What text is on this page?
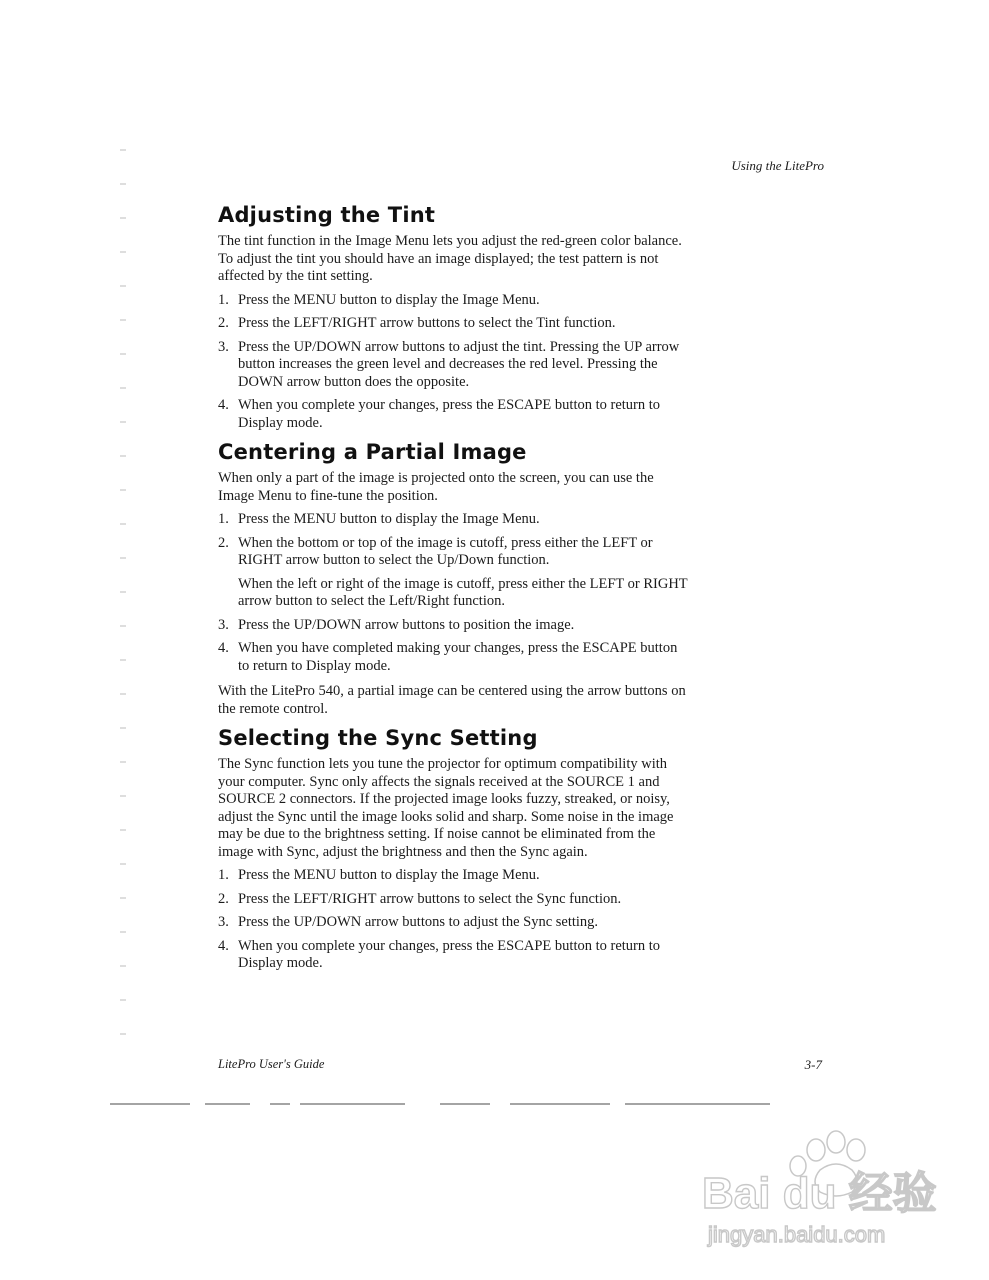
Using the LitePro
Adjusting the Tint

The tint function in the Image Menu lets you adjust the red-green color balance. To adjust the tint you should have an image displayed; the test pattern is not affected by the tint setting.

1. Press the MENU button to display the Image Menu.
2. Press the LEFT/RIGHT arrow buttons to select the Tint function.
3. Press the UP/DOWN arrow buttons to adjust the tint. Pressing the UP arrow button increases the green level and decreases the red level. Pressing the DOWN arrow button does the opposite.
4. When you complete your changes, press the ESCAPE button to return to Display mode.
Centering a Partial Image

When only a part of the image is projected onto the screen, you can use the Image Menu to fine-tune the position.

1. Press the MENU button to display the Image Menu.
2. When the bottom or top of the image is cutoff, press either the LEFT or RIGHT arrow button to select the Up/Down function.

When the left or right of the image is cutoff, press either the LEFT or RIGHT arrow button to select the Left/Right function.

3. Press the UP/DOWN arrow buttons to position the image.
4. When you have completed making your changes, press the ESCAPE button to return to Display mode.

With the LitePro 540, a partial image can be centered using the arrow buttons on the remote control.

Selecting the Sync Setting

The Sync function lets you tune the projector for optimum compatibility with your computer. Sync only affects the signals received at the SOURCE 1 and SOURCE 2 connectors. If the projected image looks fuzzy, streaked, or noisy, adjust the Sync until the image looks solid and sharp. Some noise in the image may be due to the brightness setting. If noise cannot be eliminated from the image with Sync, adjust the brightness and then the Sync again.

1. Press the MENU button to display the Image Menu.
2. Press the LEFT/RIGHT arrow buttons to select the Sync function.
3. Press the UP/DOWN arrow buttons to adjust the Sync setting.
4. When you complete your changes, press the ESCAPE button to return to Display mode.
LitePro User's Guide	3-7
Bai du 经验
jingyan.baidu.com
